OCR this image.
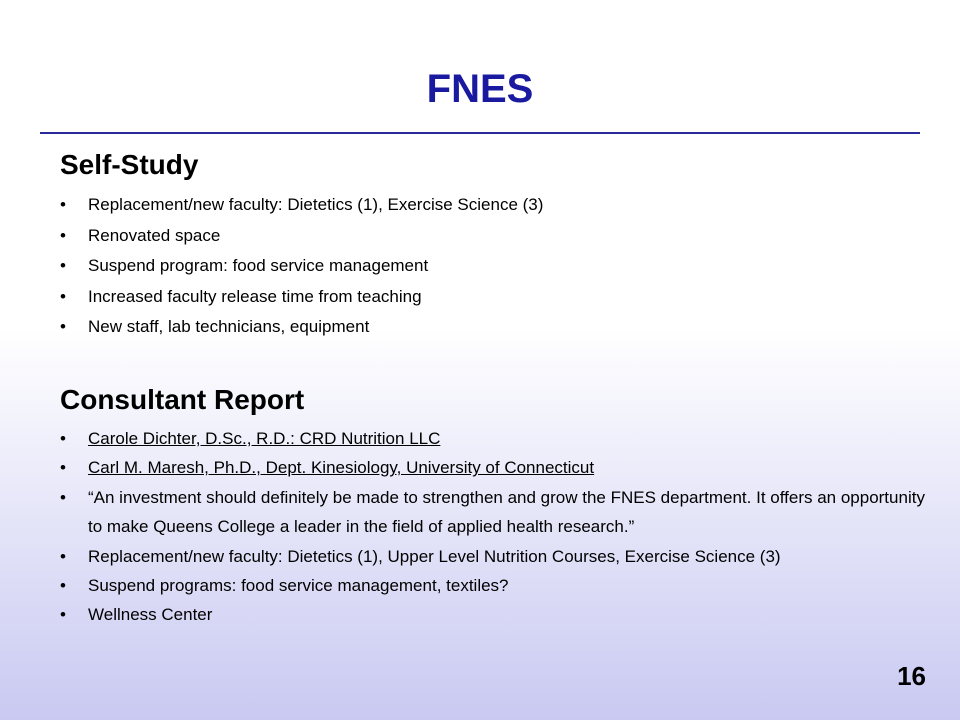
FNES
Self-Study
• Replacement/new faculty: Dietetics (1), Exercise Science (3)
• Renovated space
• Suspend program: food service management
• Increased faculty release time from teaching
• New staff, lab technicians, equipment
Consultant Report
• Carole Dichter, D.Sc., R.D.: CRD Nutrition LLC
• Carl M. Maresh, Ph.D., Dept. Kinesiology, University of Connecticut
• “An investment should definitely be made to strengthen and grow the FNES department. It offers an opportunity to make Queens College a leader in the field of applied health research.”
• Replacement/new faculty: Dietetics (1), Upper Level Nutrition Courses, Exercise Science (3)
• Suspend programs: food service management, textiles?
• Wellness Center
16
